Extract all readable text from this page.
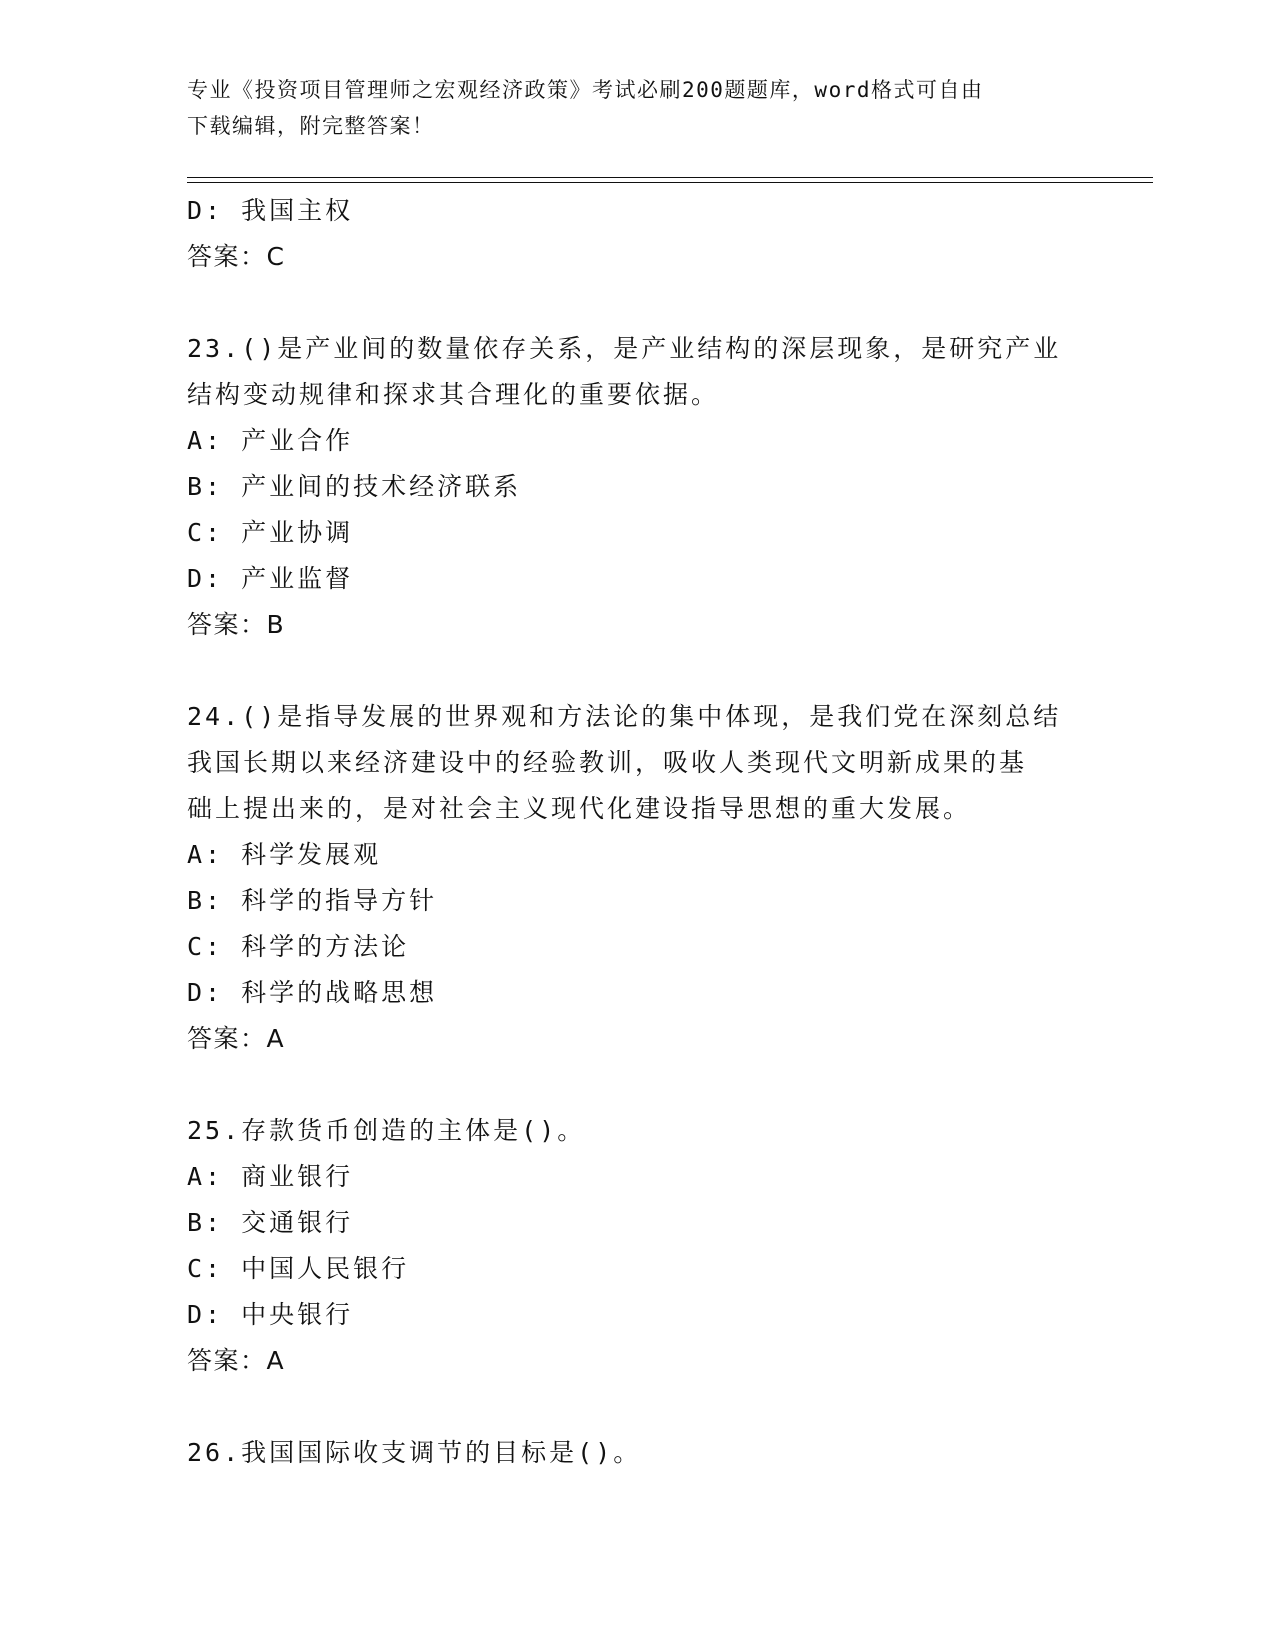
专业《投资项目管理师之宏观经济政策》考试必刷200题题库，word格式可自由
下载编辑，附完整答案！
D: 我国主权
答案：C
23.()是产业间的数量依存关系，是产业结构的深层现象，是研究产业
结构变动规律和探求其合理化的重要依据。
A: 产业合作
B: 产业间的技术经济联系
C: 产业协调
D: 产业监督
答案：B
24.()是指导发展的世界观和方法论的集中体现，是我们党在深刻总结
我国长期以来经济建设中的经验教训，吸收人类现代文明新成果的基
础上提出来的，是对社会主义现代化建设指导思想的重大发展。
A: 科学发展观
B: 科学的指导方针
C: 科学的方法论
D: 科学的战略思想
答案：A
25.存款货币创造的主体是()。
A: 商业银行
B: 交通银行
C: 中国人民银行
D: 中央银行
答案：A
26.我国国际收支调节的目标是()。
